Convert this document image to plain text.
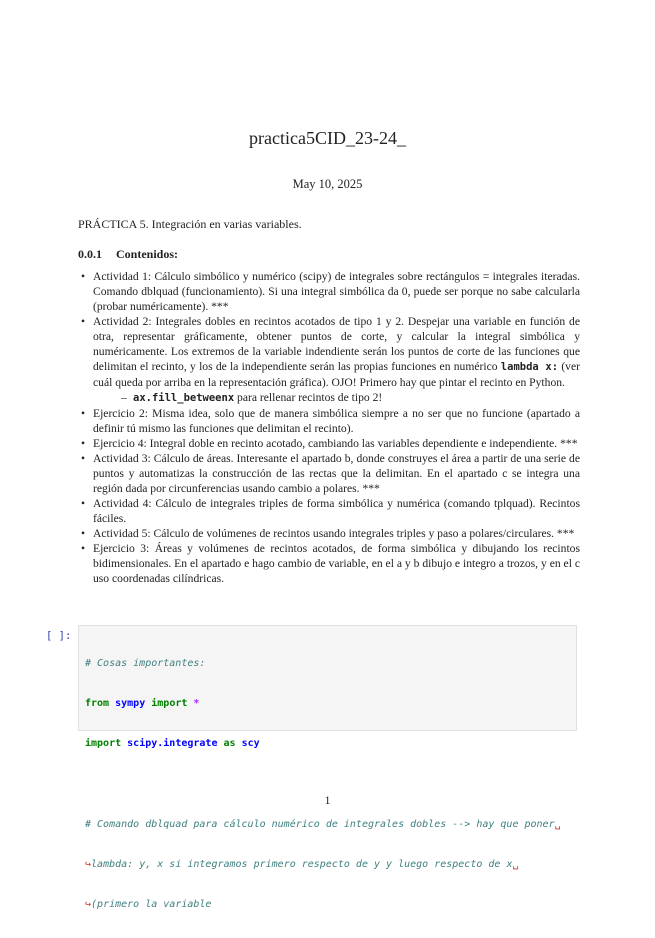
practica5CID_23-24_
May 10, 2025
PRÁCTICA 5. Integración en varias variables.
0.0.1 Contenidos:
• Actividad 1: Cálculo simbólico y numérico (scipy) de integrales sobre rectángulos = integrales iteradas. Comando dblquad (funcionamiento). Si una integral simbólica da 0, puede ser porque no sabe calcularla (probar numéricamente). ***
• Actividad 2: Integrales dobles en recintos acotados de tipo 1 y 2. Despejar una variable en función de otra, representar gráficamente, obtener puntos de corte, y calcular la integral simbólica y numéricamente. Los extremos de la variable indendiente serán los puntos de corte de las funciones que delimitan el recinto, y los de la independiente serán las propias funciones en numérico lambda x: (ver cuál queda por arriba en la representación gráfica). OJO! Primero hay que pintar el recinto en Python.
– ax.fill_betweenx para rellenar recintos de tipo 2!
• Ejercicio 2: Misma idea, solo que de manera simbólica siempre a no ser que no funcione (apartado a definir tú mismo las funciones que delimitan el recinto).
• Ejercicio 4: Integral doble en recinto acotado, cambiando las variables dependiente e independiente. ***
• Actividad 3: Cálculo de áreas. Interesante el apartado b, donde construyes el área a partir de una serie de puntos y automatizas la construcción de las rectas que la delimitan. En el apartado c se integra una región dada por circunferencias usando cambio a polares. ***
• Actividad 4: Cálculo de integrales triples de forma simbólica y numérica (comando tplquad). Recintos fáciles.
• Actividad 5: Cálculo de volúmenes de recintos usando integrales triples y paso a polares/circulares. ***
• Ejercicio 3: Áreas y volúmenes de recintos acotados, de forma simbólica y dibujando los recintos bidimensionales. En el apartado e hago cambio de variable, en el a y b dibujo e integro a trozos, y en el c uso coordenadas cilíndricas.
[ ]:

# Cosas importantes:

from sympy import *

import scipy.integrate as scy

# Comando dblquad para cálculo numérico de integrales dobles --> hay que poner␣

↪lambda: y, x si integramos primero respecto de y y luego respecto de x␣

↪(primero la variable

1
